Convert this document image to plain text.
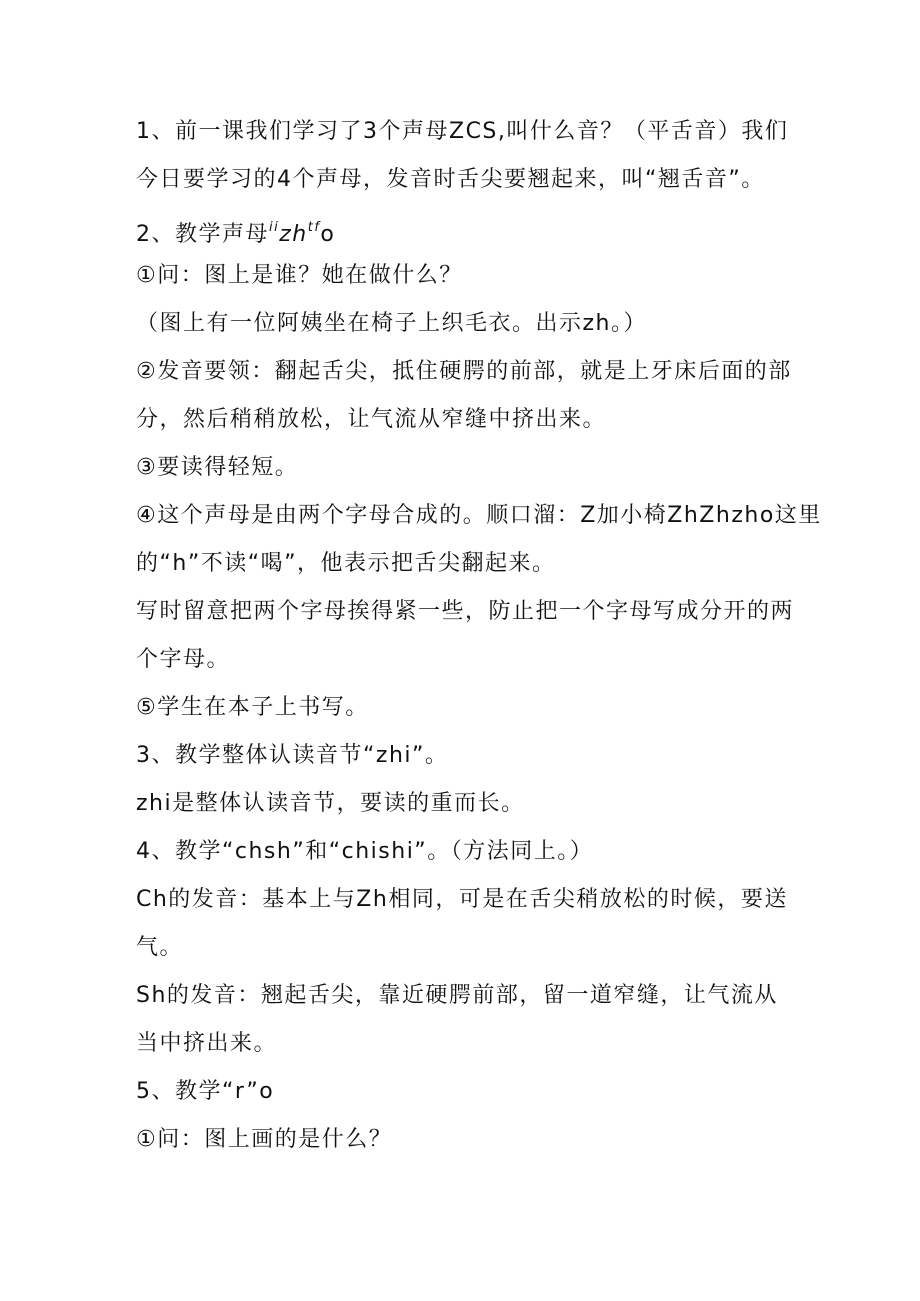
1、前一课我们学习了3个声母ZCS,叫什么音？（平舌音）我们
今日要学习的4个声母，发音时舌尖要翘起来，叫“翘舌音”。
2、教学声母$^{ii}zh^{tf}o$
①问：图上是谁？她在做什么？
（图上有一位阿姨坐在椅子上织毛衣。出示zh。）
②发音要领：翻起舌尖，抵住硬腭的前部，就是上牙床后面的部
分，然后稍稍放松，让气流从窄缝中挤出来。
③要读得轻短。
④这个声母是由两个字母合成的。顺口溜：Z加小椅ZhZhzho这里
的“h”不读“喝”，他表示把舌尖翻起来。
写时留意把两个字母挨得紧一些，防止把一个字母写成分开的两
个字母。
⑤学生在本子上书写。
3、教学整体认读音节“zhi”。
zhi是整体认读音节，要读的重而长。
4、教学“chsh”和“chishi”。（方法同上。）
Ch的发音：基本上与Zh相同，可是在舌尖稍放松的时候，要送
气。
Sh的发音：翘起舌尖，靠近硬腭前部，留一道窄缝，让气流从
当中挤出来。
5、教学“r”o
①问：图上画的是什么？
